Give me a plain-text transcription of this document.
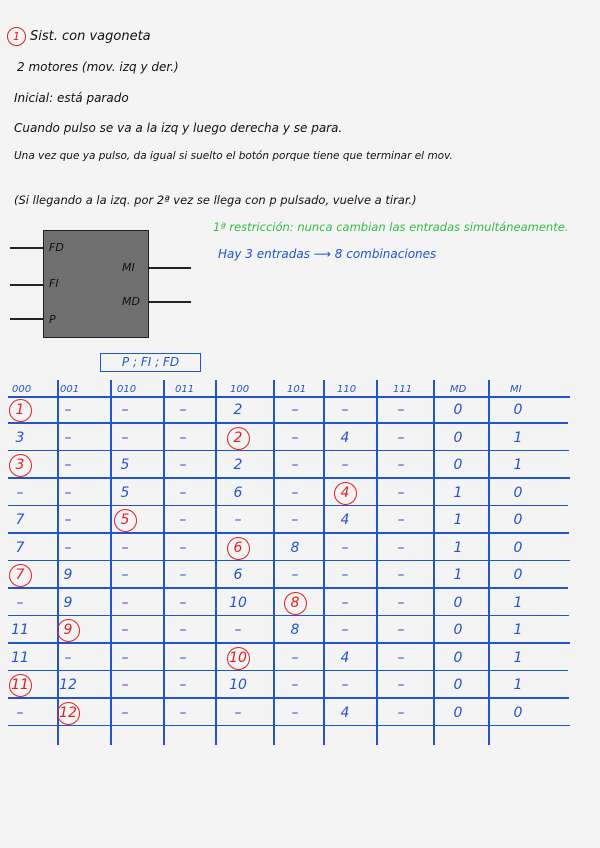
1 Sist. con vagoneta
2 motores (mov. izq y der.)
Inicial: está parado
Cuando pulso se va a la izq y luego derecha y se para.
Una vez que ya pulso, da igual si suelto el botón porque tiene que terminar el mov.
(Si llegando a la izq. por 2ª vez se llega con p pulsado, vuelve a tirar.)
1ª restricción: nunca cambian las entradas simultáneamente.
Hay 3 entradas ⟶ 8 combinaciones
FD
FI
P
MI
MD
P ; FI ; FD
000	001	010	011	100	101	110	111	MD	MI
1	–	–	–	2	–	–	–	0	0
3	–	–	–	2	–	4	–	0	1
3	–	5	–	2	–	–	–	0	1
–	–	5	–	6	–	4	–	1	0
7	–	5	–	–	–	4	–	1	0
7	–	–	–	6	8	–	–	1	0
7	9	–	–	6	–	–	–	1	0
–	9	–	–	10	8	–	–	0	1
11	9	–	–	–	8	–	–	0	1
11	–	–	–	10	–	4	–	0	1
11	12	–	–	10	–	–	–	0	1
–	12	–	–	–	–	4	–	0	0
